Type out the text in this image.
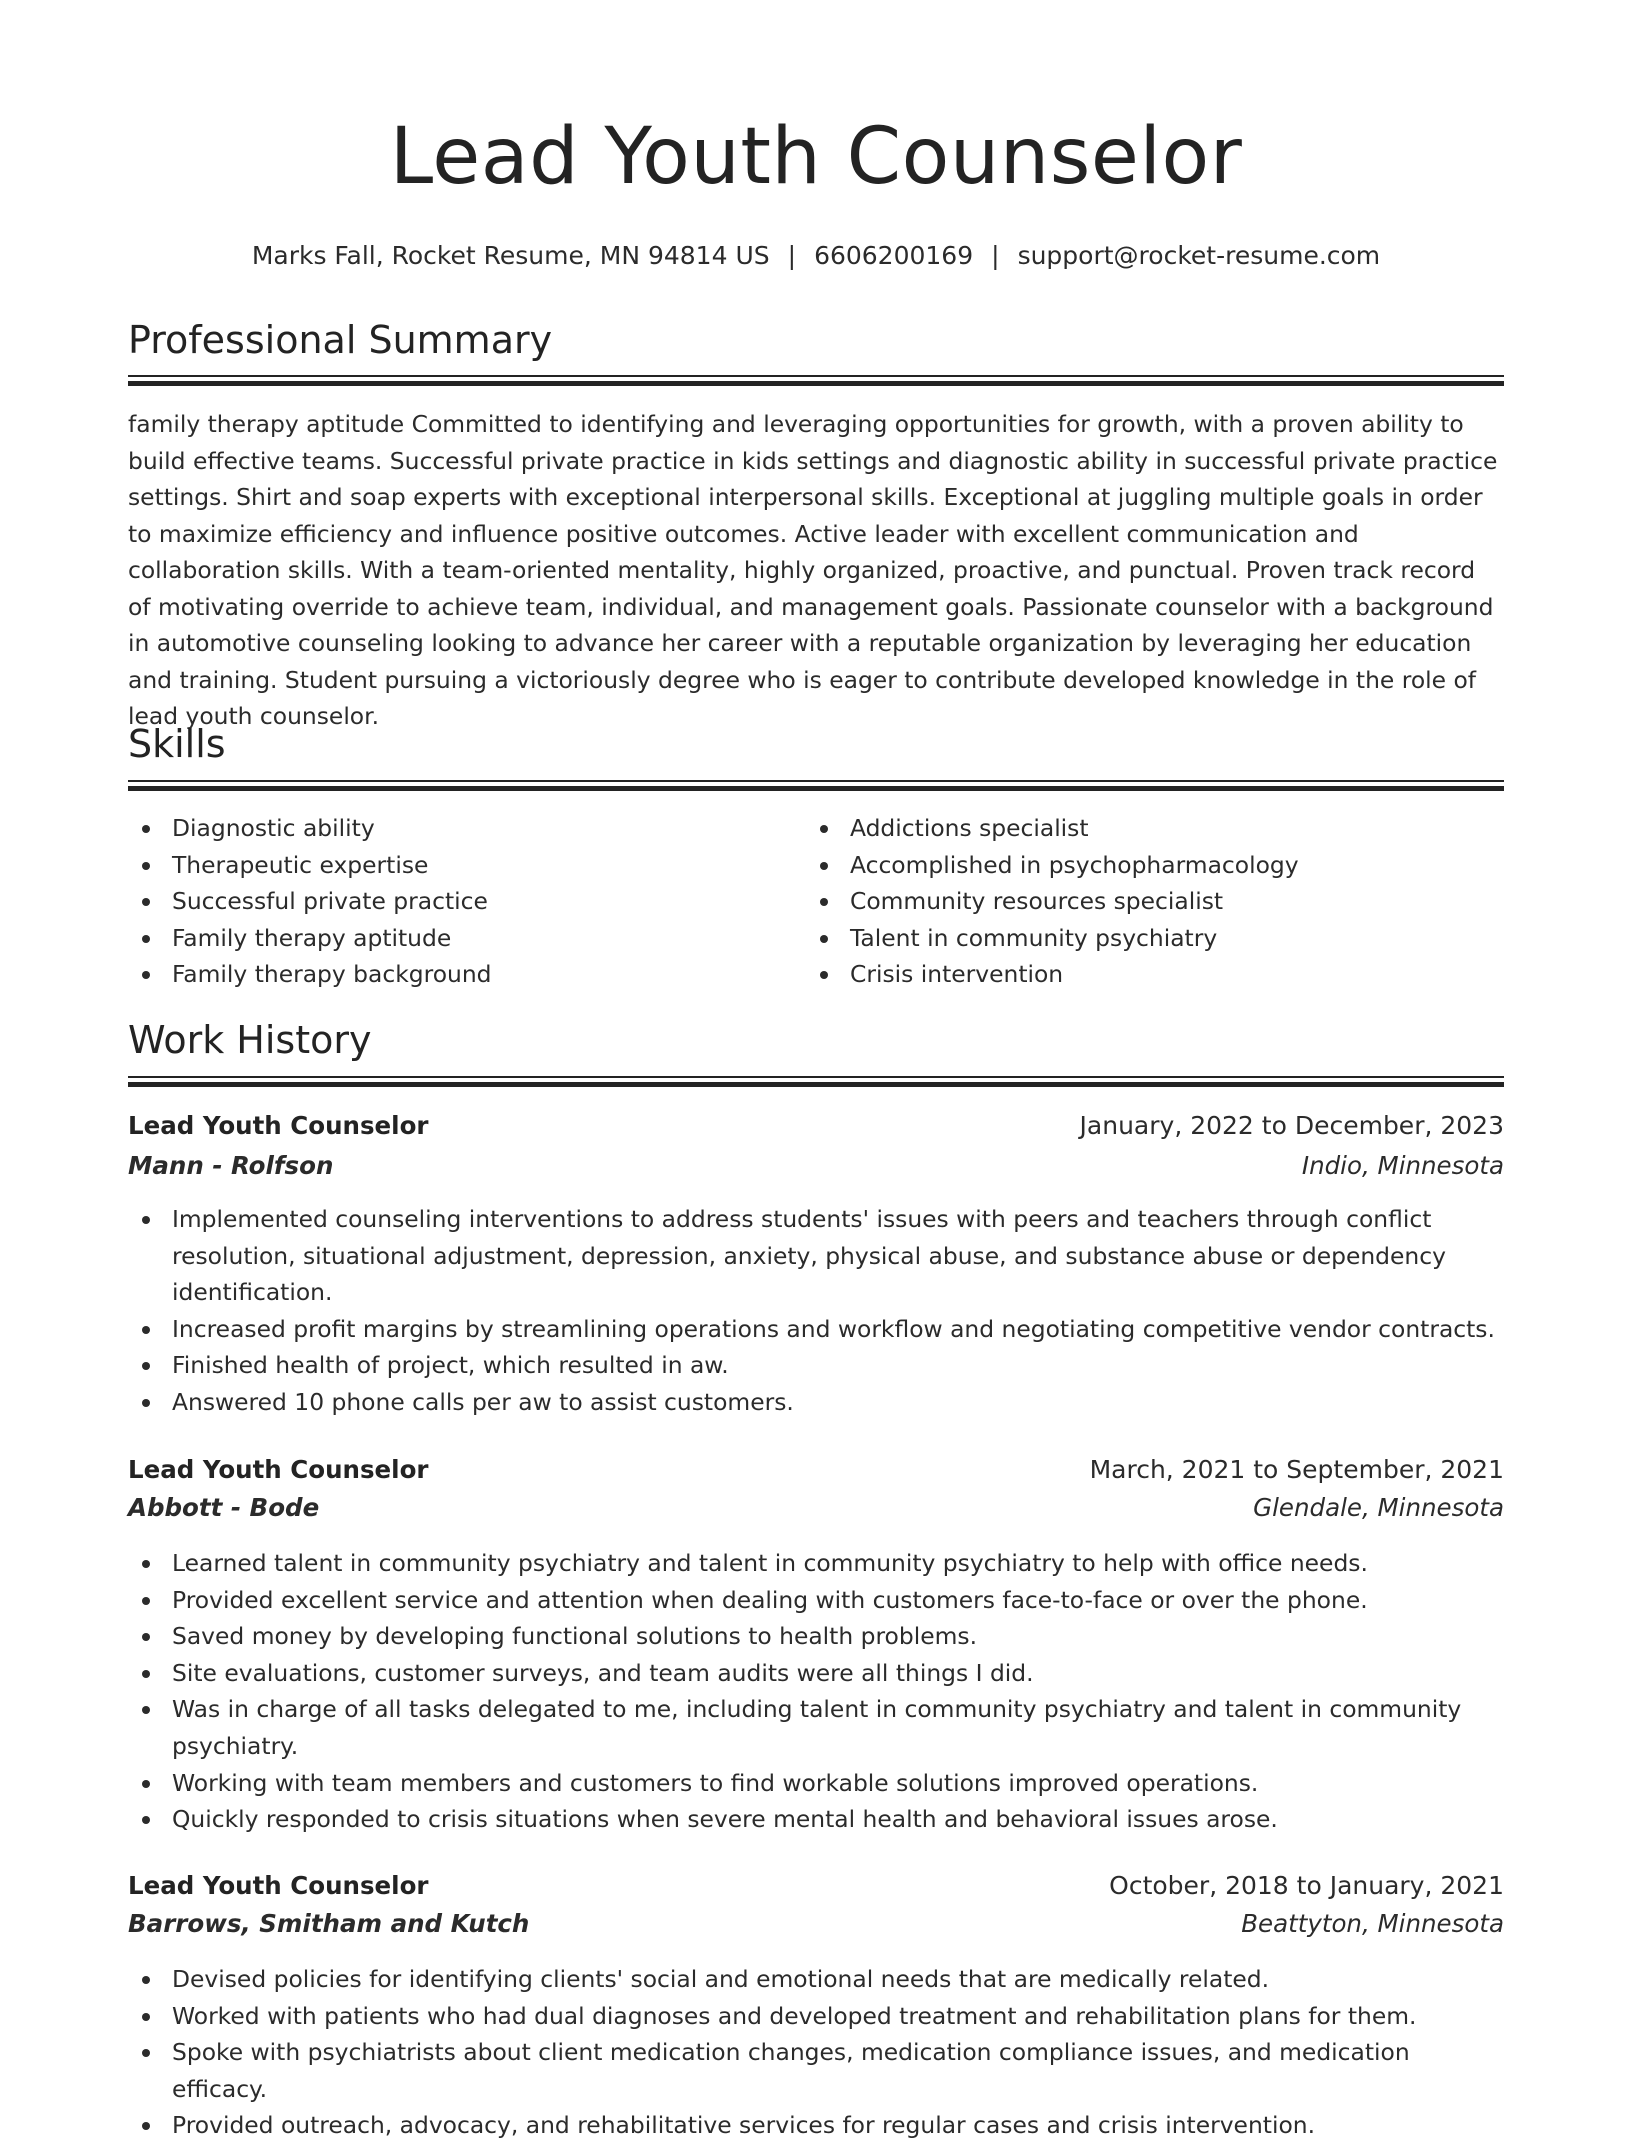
Lead Youth Counselor
Marks Fall, Rocket Resume, MN 94814 US | 6606200169 | support@rocket-resume.com
Professional Summary

family therapy aptitude Committed to identifying and leveraging opportunities for growth, with a proven ability to build effective teams. Successful private practice in kids settings and diagnostic ability in successful private practice settings. Shirt and soap experts with exceptional interpersonal skills. Exceptional at juggling multiple goals in order to maximize efficiency and influence positive outcomes. Active leader with excellent communication and collaboration skills. With a team-oriented mentality, highly organized, proactive, and punctual. Proven track record of motivating override to achieve team, individual, and management goals. Passionate counselor with a background in automotive counseling looking to advance her career with a reputable organization by leveraging her education and training. Student pursuing a victoriously degree who is eager to contribute developed knowledge in the role of lead youth counselor.

Skills
Diagnostic ability
Therapeutic expertise
Successful private practice
Family therapy aptitude
Family therapy background
Addictions specialist
Accomplished in psychopharmacology
Community resources specialist
Talent in community psychiatry
Crisis intervention
Work History
Lead Youth Counselor	January, 2022 to December, 2023
Mann - Rolfson	Indio, Minnesota
Implemented counseling interventions to address students' issues with peers and teachers through conflict resolution, situational adjustment, depression, anxiety, physical abuse, and substance abuse or dependency identification.
Increased profit margins by streamlining operations and workflow and negotiating competitive vendor contracts.
Finished health of project, which resulted in aw.
Answered 10 phone calls per aw to assist customers.
Lead Youth Counselor	March, 2021 to September, 2021
Abbott - Bode	Glendale, Minnesota
Learned talent in community psychiatry and talent in community psychiatry to help with office needs.
Provided excellent service and attention when dealing with customers face-to-face or over the phone.
Saved money by developing functional solutions to health problems.
Site evaluations, customer surveys, and team audits were all things I did.
Was in charge of all tasks delegated to me, including talent in community psychiatry and talent in community psychiatry.
Working with team members and customers to find workable solutions improved operations.
Quickly responded to crisis situations when severe mental health and behavioral issues arose.
Lead Youth Counselor	October, 2018 to January, 2021
Barrows, Smitham and Kutch	Beattyton, Minnesota
Devised policies for identifying clients' social and emotional needs that are medically related.
Worked with patients who had dual diagnoses and developed treatment and rehabilitation plans for them.
Spoke with psychiatrists about client medication changes, medication compliance issues, and medication efficacy.
Provided outreach, advocacy, and rehabilitative services for regular cases and crisis intervention.
